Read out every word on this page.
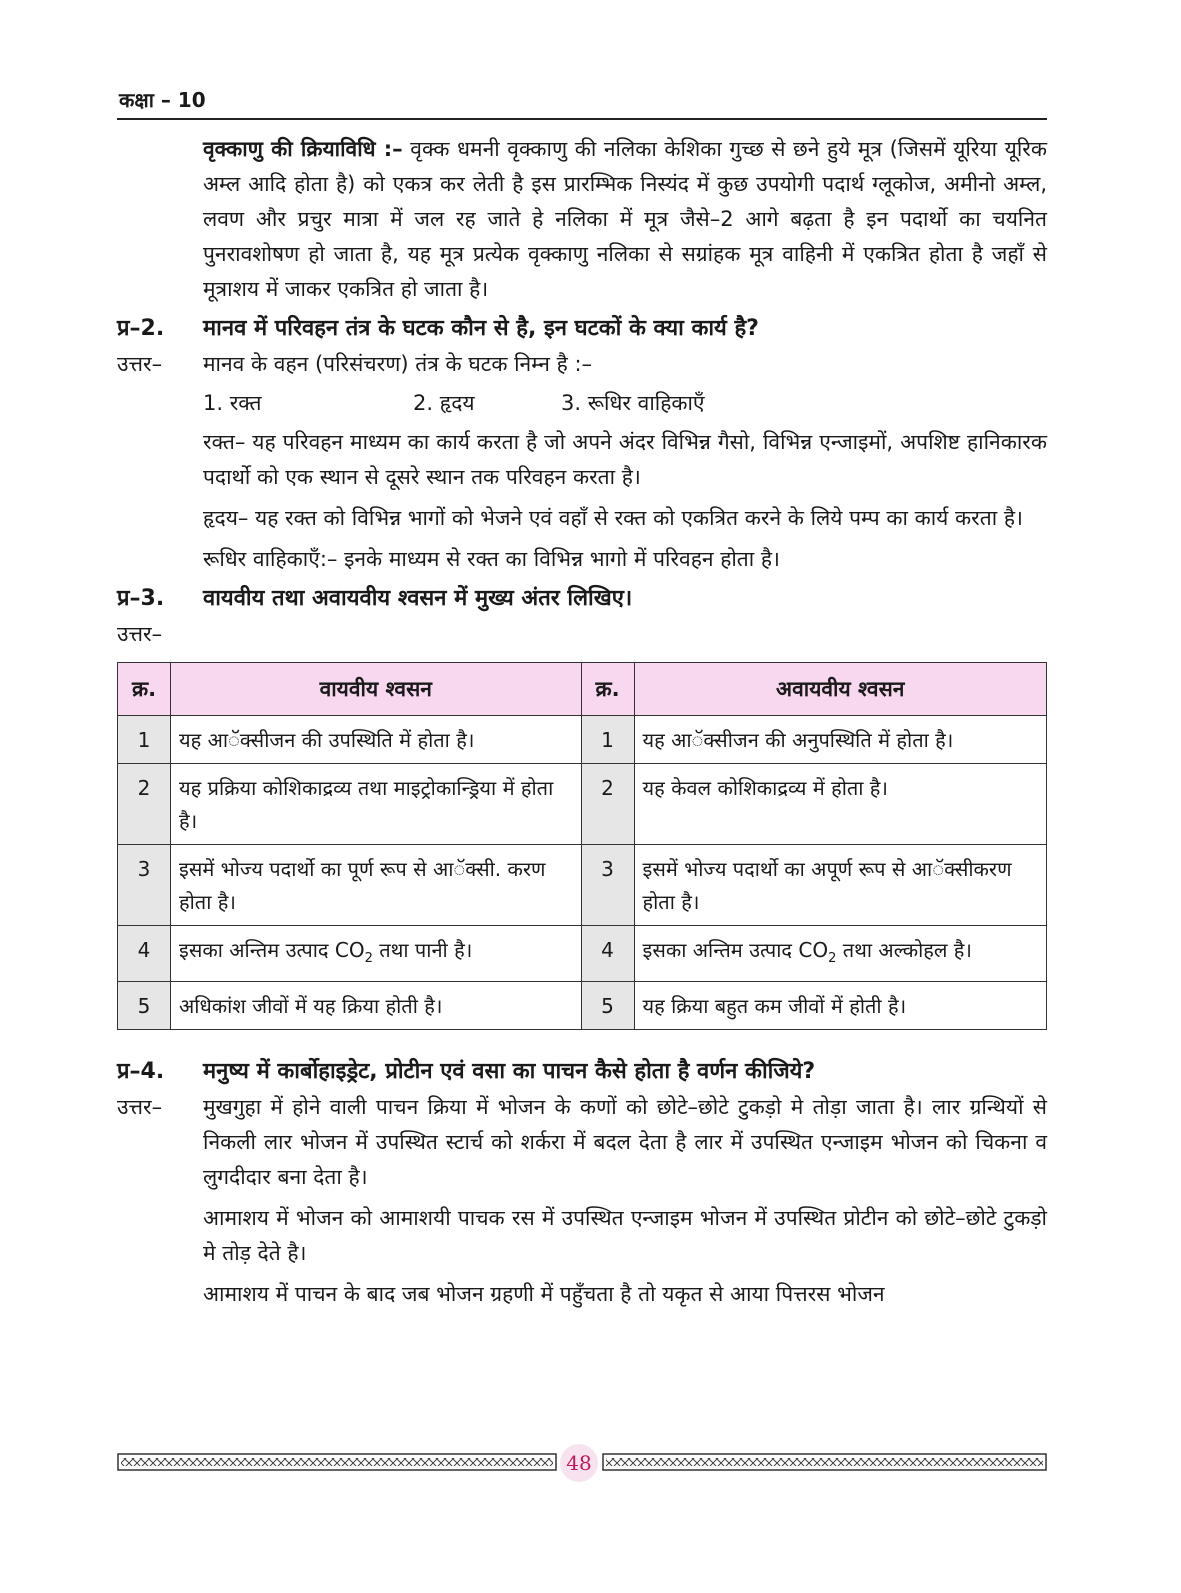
कक्षा – 10
वृक्काणु की क्रियाविधि :– वृक्क धमनी वृक्काणु की नलिका केशिका गुच्छ से छने हुये मूत्र (जिसमें यूरिया यूरिक अम्ल आदि होता है) को एकत्र कर लेती है इस प्रारम्भिक निस्यंद में कुछ उपयोगी पदार्थ ग्लूकोज, अमीनो अम्ल, लवण और प्रचुर मात्रा में जल रह जाते हे नलिका में मूत्र जैसे–2 आगे बढ़ता है इन पदार्थो का चयनित पुनरावशोषण हो जाता है, यह मूत्र प्रत्येक वृक्काणु नलिका से सग्रांहक मूत्र वाहिनी में एकत्रित होता है जहाँ से मूत्राशय में जाकर एकत्रित हो जाता है।
प्र–2.	मानव में परिवहन तंत्र के घटक कौन से है, इन घटकों के क्या कार्य है?
उत्तर–	मानव के वहन (परिसंचरण) तंत्र के घटक निम्न है :–
1. रक्त	2. हृदय	3. रूधिर वाहिकाएँ
रक्त– यह परिवहन माध्यम का कार्य करता है जो अपने अंदर विभिन्न गैसो, विभिन्न एन्जाइमों, अपशिष्ट हानिकारक पदार्थो को एक स्थान से दूसरे स्थान तक परिवहन करता है।
हृदय– यह रक्त को विभिन्न भागों को भेजने एवं वहाँ से रक्त को एकत्रित करने के लिये पम्प का कार्य करता है।
रूधिर वाहिकाएँ:– इनके माध्यम से रक्त का विभिन्न भागो में परिवहन होता है।
प्र–3.	वायवीय तथा अवायवीय श्वसन में मुख्य अंतर लिखिए।
उत्तर–
क्र.	वायवीय श्वसन	क्र.	अवायवीय श्वसन
1	यह आॅक्सीजन की उपस्थिति में होता है।	1	यह आॅक्सीजन की अनुपस्थिति में होता है।
2	यह प्रक्रिया कोशिकाद्रव्य तथा माइट्रोकान्ड्रिया में होता है।	2	यह केवल कोशिकाद्रव्य में होता है।
3	इसमें भोज्य पदार्थो का पूर्ण रूप से आॅक्सी. करण होता है।	3	इसमें भोज्य पदार्थो का अपूर्ण रूप से आॅक्सीकरण होता है।
4	इसका अन्तिम उत्पाद $CO_2$ तथा पानी है।	4	इसका अन्तिम उत्पाद $CO_2$ तथा अल्कोहल है।
5	अधिकांश जीवों में यह क्रिया होती है।	5	यह क्रिया बहुत कम जीवों में होती है।
प्र–4.	मनुष्य में कार्बोहाइड्रेट, प्रोटीन एवं वसा का पाचन कैसे होता है वर्णन कीजिये?
उत्तर–	मुखगुहा में होने वाली पाचन क्रिया में भोजन के कणों को छोटे–छोटे टुकड़ो मे तोड़ा जाता है। लार ग्रन्थियों से निकली लार भोजन में उपस्थित स्टार्च को शर्करा में बदल देता है लार में उपस्थित एन्जाइम भोजन को चिकना व लुगदीदार बना देता है।
आमाशय में भोजन को आमाशयी पाचक रस में उपस्थित एन्जाइम भोजन में उपस्थित प्रोटीन को छोटे–छोटे टुकड़ो मे तोड़ देते है।
आमाशय में पाचन के बाद जब भोजन ग्रहणी में पहुँचता है तो यकृत से आया पित्तरस भोजन
48
